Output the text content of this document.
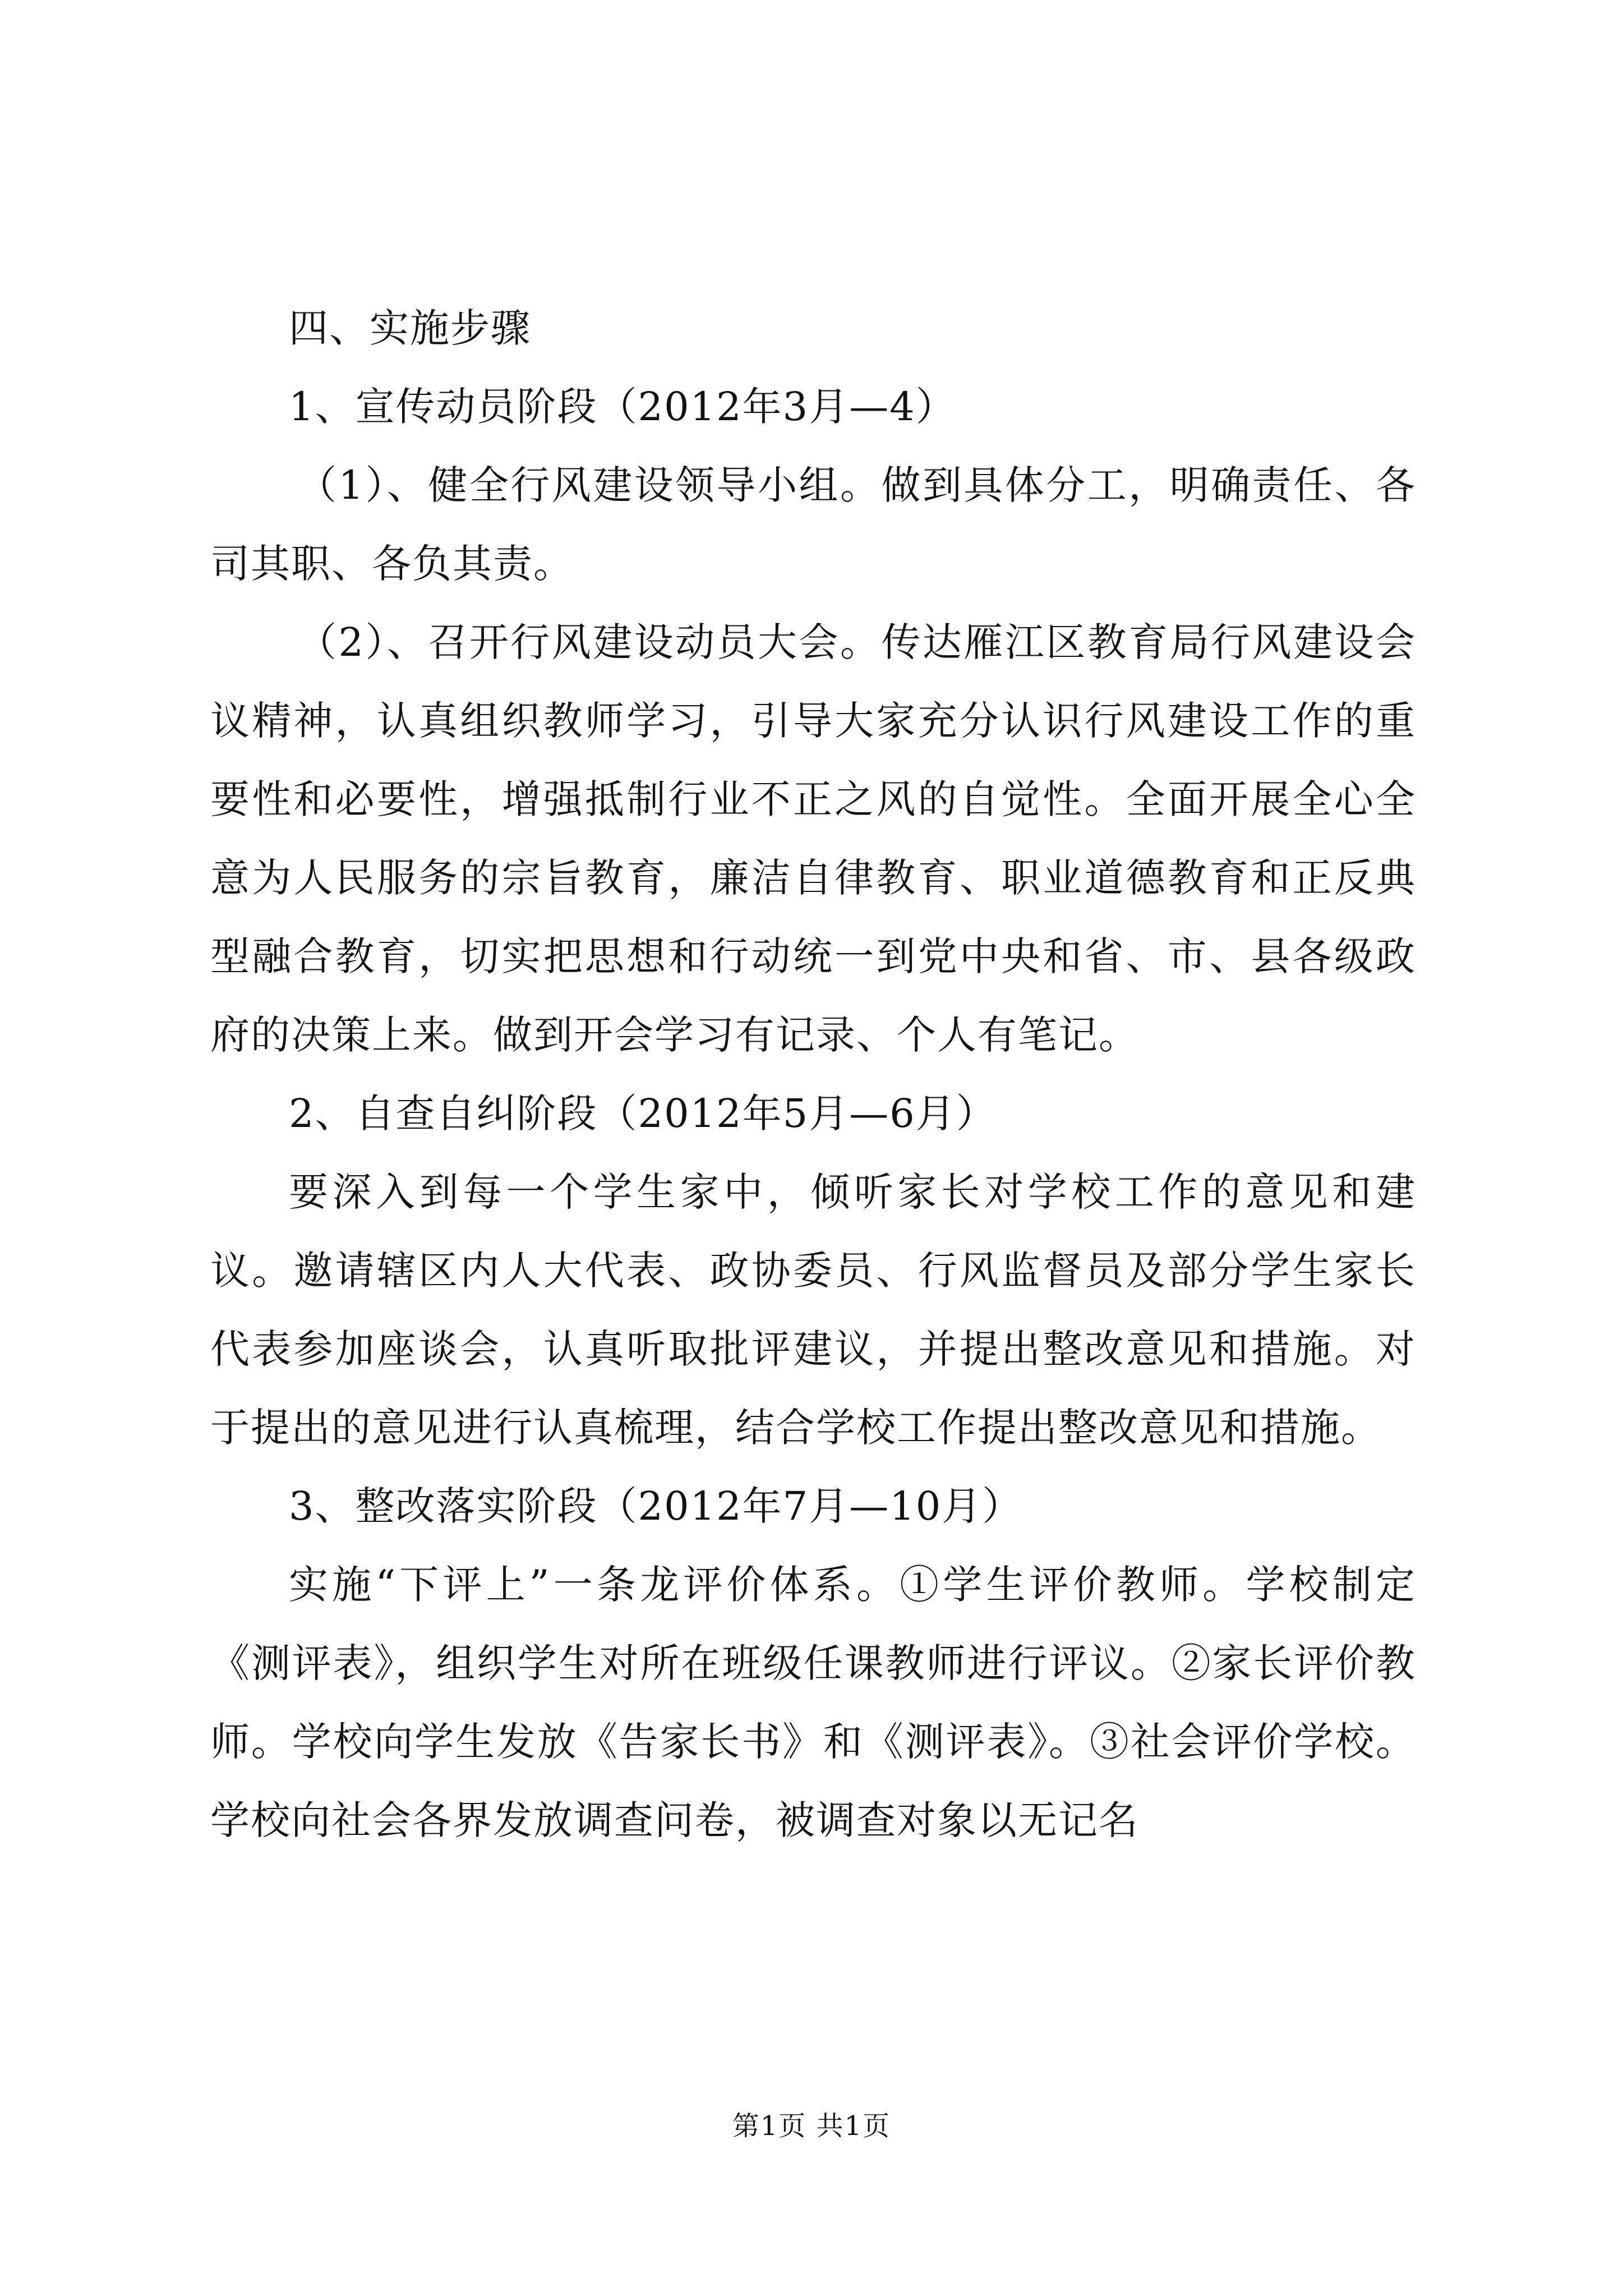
四、实施步骤

1、宣传动员阶段（2012年3月—4）

（1）、健全行风建设领导小组。做到具体分工，明确责任、各司其职、各负其责。

（2）、召开行风建设动员大会。传达雁江区教育局行风建设会议精神，认真组织教师学习，引导大家充分认识行风建设工作的重要性和必要性，增强抵制行业不正之风的自觉性。全面开展全心全意为人民服务的宗旨教育，廉洁自律教育、职业道德教育和正反典型融合教育，切实把思想和行动统一到党中央和省、市、县各级政府的决策上来。做到开会学习有记录、个人有笔记。

2、自查自纠阶段（2012年5月—6月）

要深入到每一个学生家中，倾听家长对学校工作的意见和建议。邀请辖区内人大代表、政协委员、行风监督员及部分学生家长代表参加座谈会，认真听取批评建议，并提出整改意见和措施。对于提出的意见进行认真梳理，结合学校工作提出整改意见和措施。

3、整改落实阶段（2012年7月—10月）

实施“下评上”一条龙评价体系。①学生评价教师。学校制定《测评表》，组织学生对所在班级任课教师进行评议。②家长评价教师。学校向学生发放《告家长书》和《测评表》。③社会评价学校。学校向社会各界发放调查问卷，被调查对象以无记名

第1页 共1页
